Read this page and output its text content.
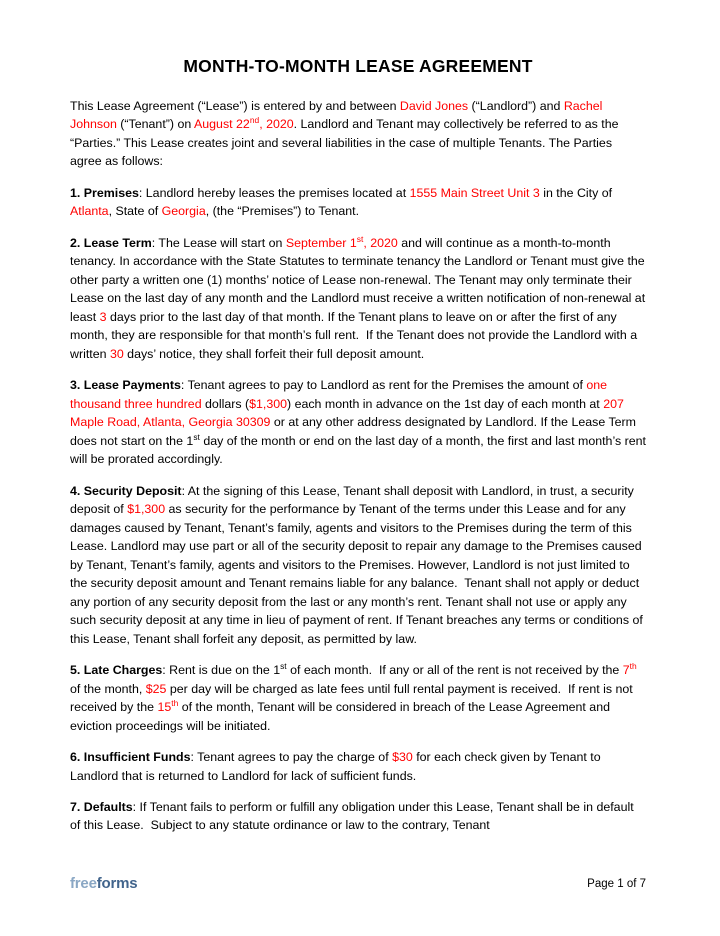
MONTH-TO-MONTH LEASE AGREEMENT

This Lease Agreement (“Lease”) is entered by and between David Jones (“Landlord”) and Rachel Johnson (“Tenant”) on August 22nd, 2020. Landlord and Tenant may collectively be referred to as the “Parties.” This Lease creates joint and several liabilities in the case of multiple Tenants. The Parties agree as follows:

1. Premises: Landlord hereby leases the premises located at 1555 Main Street Unit 3 in the City of Atlanta, State of Georgia, (the “Premises”) to Tenant.

2. Lease Term: The Lease will start on September 1st, 2020 and will continue as a month-to-month tenancy. In accordance with the State Statutes to terminate tenancy the Landlord or Tenant must give the other party a written one (1) months’ notice of Lease non-renewal. The Tenant may only terminate their Lease on the last day of any month and the Landlord must receive a written notification of non-renewal at least 3 days prior to the last day of that month. If the Tenant plans to leave on or after the first of any month, they are responsible for that month’s full rent.  If the Tenant does not provide the Landlord with a written 30 days’ notice, they shall forfeit their full deposit amount.

3. Lease Payments: Tenant agrees to pay to Landlord as rent for the Premises the amount of one thousand three hundred dollars ($1,300) each month in advance on the 1st day of each month at 207 Maple Road, Atlanta, Georgia 30309 or at any other address designated by Landlord. If the Lease Term does not start on the 1st day of the month or end on the last day of a month, the first and last month’s rent will be prorated accordingly.

4. Security Deposit: At the signing of this Lease, Tenant shall deposit with Landlord, in trust, a security deposit of $1,300 as security for the performance by Tenant of the terms under this Lease and for any damages caused by Tenant, Tenant’s family, agents and visitors to the Premises during the term of this Lease. Landlord may use part or all of the security deposit to repair any damage to the Premises caused by Tenant, Tenant’s family, agents and visitors to the Premises. However, Landlord is not just limited to the security deposit amount and Tenant remains liable for any balance.  Tenant shall not apply or deduct any portion of any security deposit from the last or any month’s rent. Tenant shall not use or apply any such security deposit at any time in lieu of payment of rent. If Tenant breaches any terms or conditions of this Lease, Tenant shall forfeit any deposit, as permitted by law.

5. Late Charges: Rent is due on the 1st of each month.  If any or all of the rent is not received by the 7th of the month, $25 per day will be charged as late fees until full rental payment is received.  If rent is not received by the 15th of the month, Tenant will be considered in breach of the Lease Agreement and eviction proceedings will be initiated.

6. Insufficient Funds: Tenant agrees to pay the charge of $30 for each check given by Tenant to Landlord that is returned to Landlord for lack of sufficient funds.

7. Defaults: If Tenant fails to perform or fulfill any obligation under this Lease, Tenant shall be in default of this Lease.  Subject to any statute ordinance or law to the contrary, Tenant

freeforms	Page 1 of 7
